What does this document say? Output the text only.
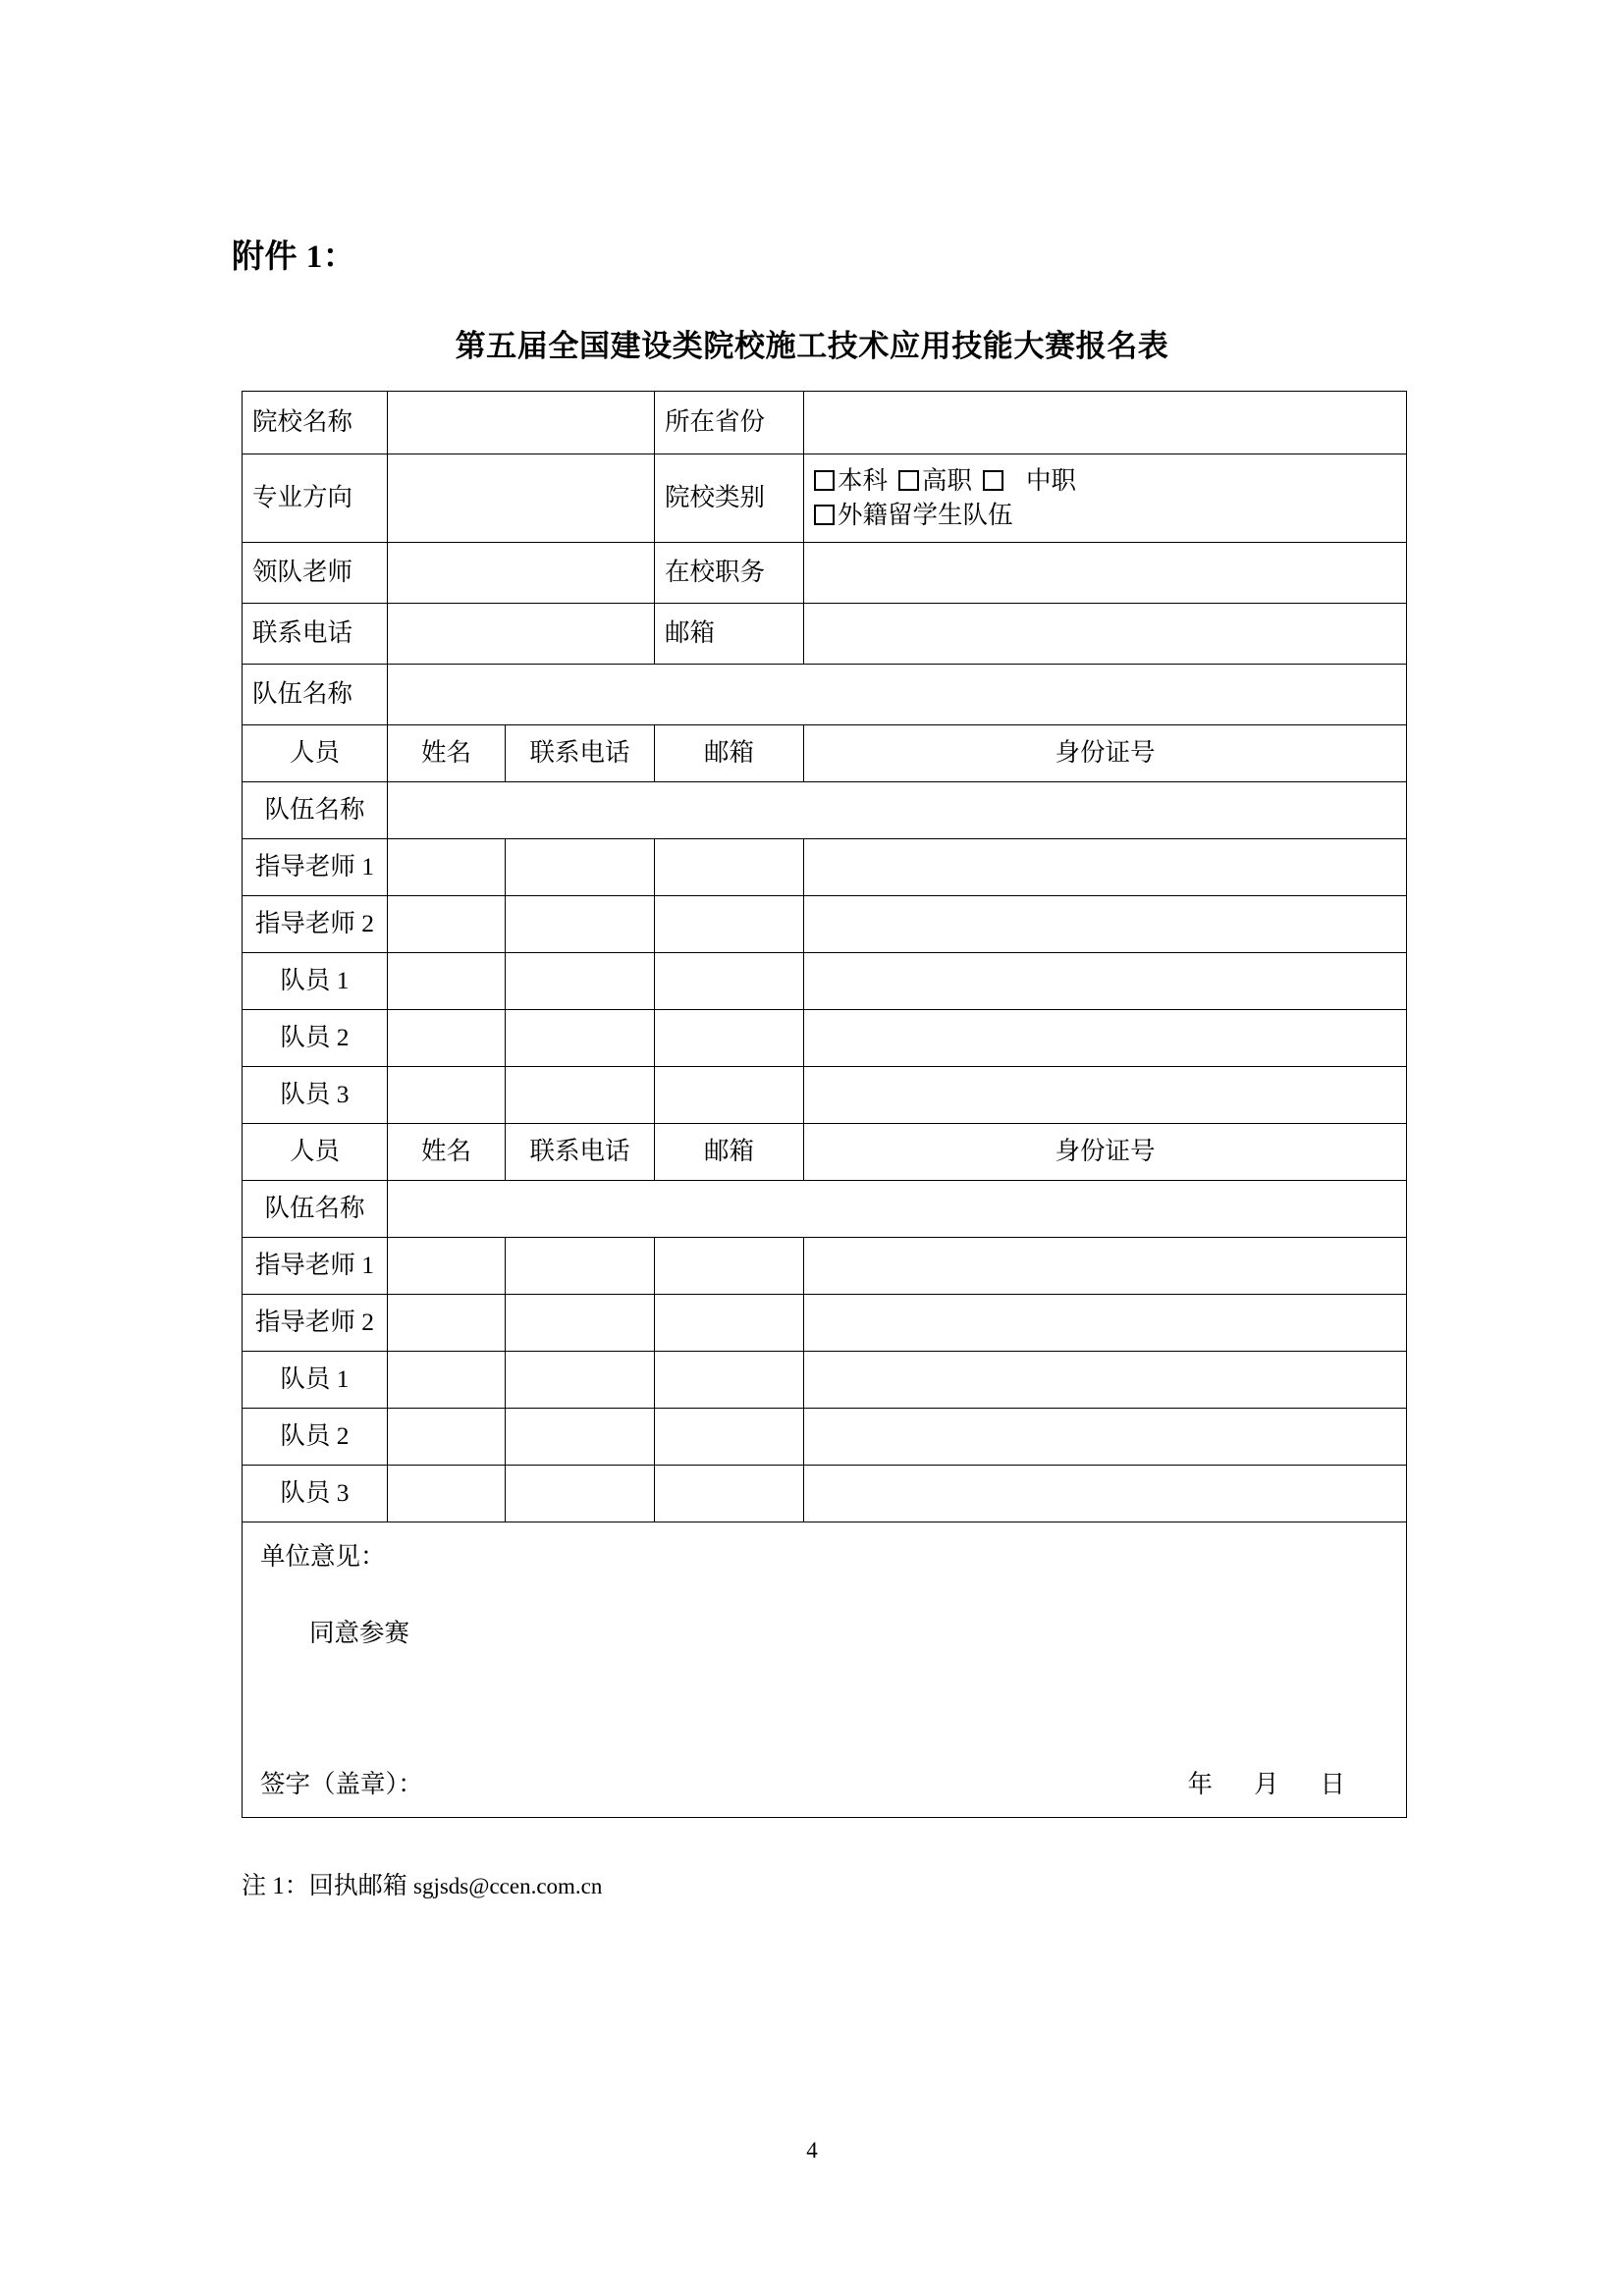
附件 1：
第五届全国建设类院校施工技术应用技能大赛报名表
院校名称			所在省份	
专业方向			院校类别	本科 高职 中职
外籍留学生队伍

领队老师			在校职务	
联系电话			邮箱	
队伍名称				
人员	姓名	联系电话	邮箱	身份证号
队伍名称				
指导老师 1				
指导老师 2				
队员 1				
队员 2				
队员 3				
人员	姓名	联系电话	邮箱	身份证号
队伍名称				
指导老师 1				
指导老师 2				
队员 1				
队员 2				
队员 3				

单位意见：
同意参赛
签字（盖章）： 年 月 日				
注 1：回执邮箱 sgjsds@ccen.com.cn
4
